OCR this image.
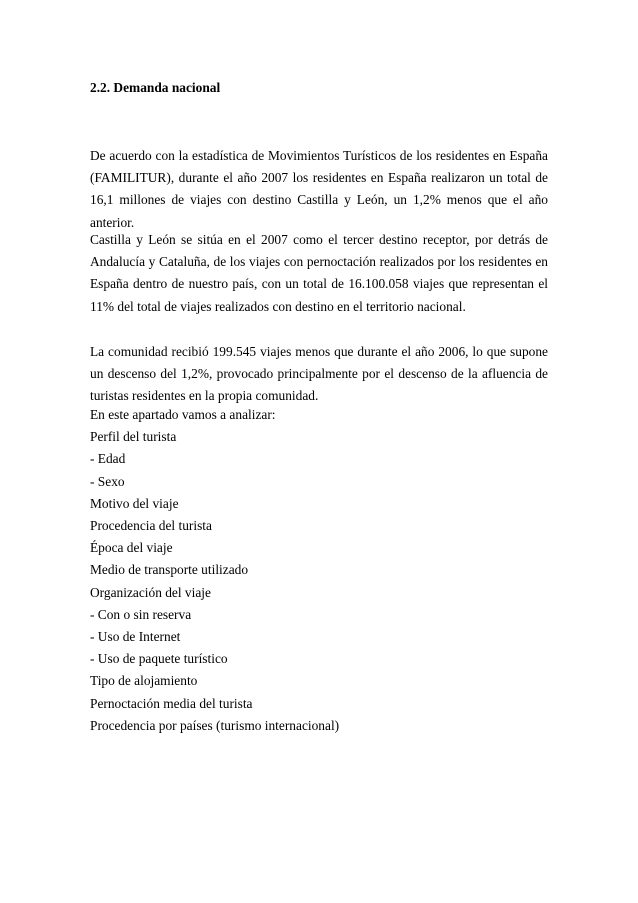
2.2. Demanda nacional

De acuerdo con la estadística de Movimientos Turísticos de los residentes en España (FAMILITUR), durante el año 2007 los residentes en España realizaron un total de 16,1 millones de viajes con destino Castilla y León, un 1,2% menos que el año anterior.

Castilla y León se sitúa en el 2007 como el tercer destino receptor, por detrás de Andalucía y Cataluña, de los viajes con pernoctación realizados por los residentes en España dentro de nuestro país, con un total de 16.100.058 viajes que representan el 11% del total de viajes realizados con destino en el territorio nacional.

La comunidad recibió 199.545 viajes menos que durante el año 2006, lo que supone un descenso del 1,2%, provocado principalmente por el descenso de la afluencia de turistas residentes en la propia comunidad.

En este apartado vamos a analizar:
Perfil del turista
- Edad
- Sexo
Motivo del viaje
Procedencia del turista
Época del viaje
Medio de transporte utilizado
Organización del viaje
- Con o sin reserva
- Uso de Internet
- Uso de paquete turístico
Tipo de alojamiento
Pernoctación media del turista
Procedencia por países (turismo internacional)
